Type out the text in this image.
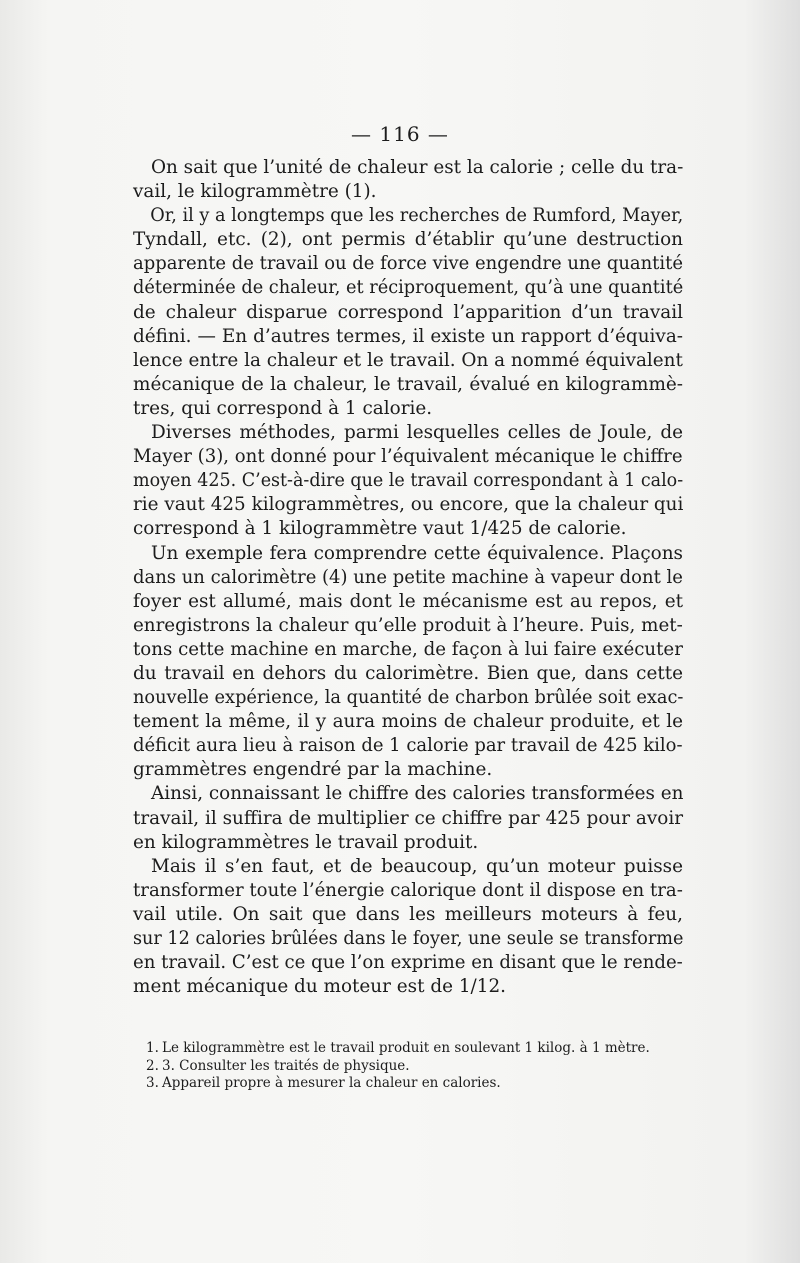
— 116 —

On sait que l’unité de chaleur est la calorie ; celle du tra-
vail, le kilogrammètre (1).

Or, il y a longtemps que les recherches de Rumford, Mayer,
Tyndall, etc. (2), ont permis d’établir qu’une destruction
apparente de travail ou de force vive engendre une quantité
déterminée de chaleur, et réciproquement, qu’à une quantité
de chaleur disparue correspond l’apparition d’un travail
défini. — En d’autres termes, il existe un rapport d’équiva-
lence entre la chaleur et le travail. On a nommé équivalent
mécanique de la chaleur, le travail, évalué en kilogrammè-
tres, qui correspond à 1 calorie.

Diverses méthodes, parmi lesquelles celles de Joule, de
Mayer (3), ont donné pour l’équivalent mécanique le chiffre
moyen 425. C’est-à-dire que le travail correspondant à 1 calo-
rie vaut 425 kilogrammètres, ou encore, que la chaleur qui
correspond à 1 kilogrammètre vaut 1/425 de calorie.

Un exemple fera comprendre cette équivalence. Plaçons
dans un calorimètre (4) une petite machine à vapeur dont le
foyer est allumé, mais dont le mécanisme est au repos, et
enregistrons la chaleur qu’elle produit à l’heure. Puis, met-
tons cette machine en marche, de façon à lui faire exécuter
du travail en dehors du calorimètre. Bien que, dans cette
nouvelle expérience, la quantité de charbon brûlée soit exac-
tement la même, il y aura moins de chaleur produite, et le
déficit aura lieu à raison de 1 calorie par travail de 425 kilo-
grammètres engendré par la machine.

Ainsi, connaissant le chiffre des calories transformées en
travail, il suffira de multiplier ce chiffre par 425 pour avoir
en kilogrammètres le travail produit.

Mais il s’en faut, et de beaucoup, qu’un moteur puisse
transformer toute l’énergie calorique dont il dispose en tra-
vail utile. On sait que dans les meilleurs moteurs à feu,
sur 12 calories brûlées dans le foyer, une seule se transforme
en travail. C’est ce que l’on exprime en disant que le rende-
ment mécanique du moteur est de 1/12.

1. Le kilogrammètre est le travail produit en soulevant 1 kilog. à 1 mètre.
2. 3. Consulter les traités de physique.
3. Appareil propre à mesurer la chaleur en calories.
